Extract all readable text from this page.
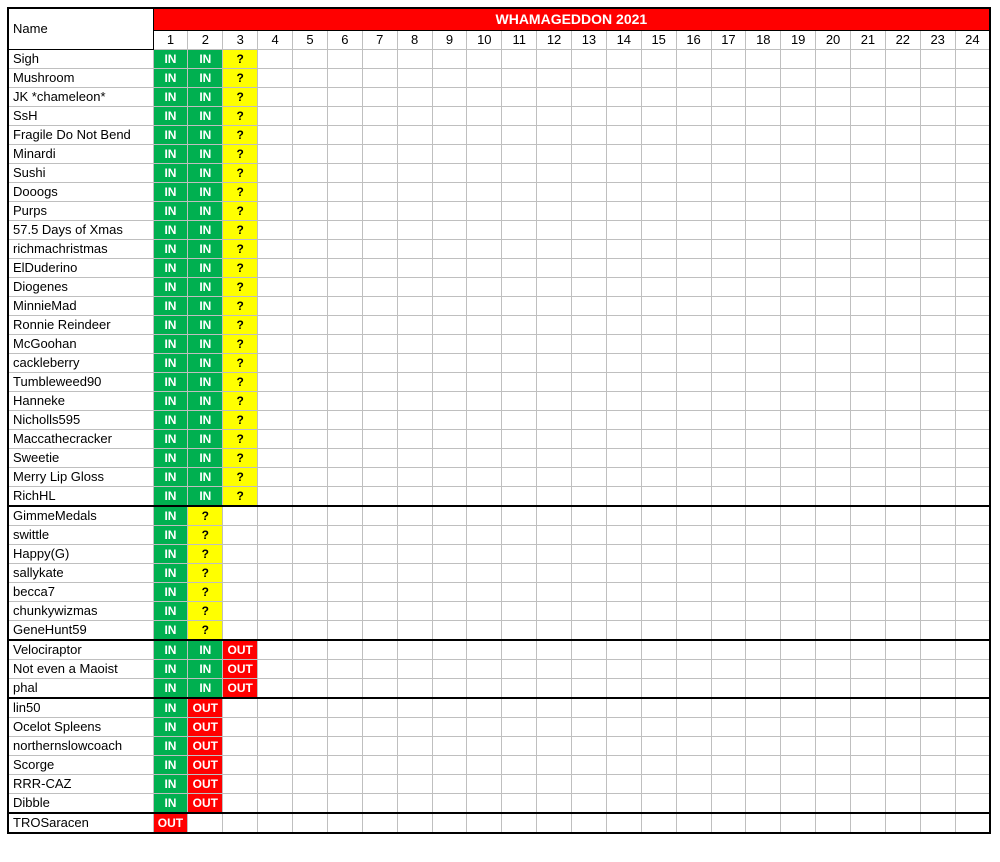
Name	WHAMAGEDDON 2021																							
	1	2	3	4	5	6	7	8	9	10	11	12	13	14	15	16	17	18	19	20	21	22	23	24
Sigh	IN	IN	?																					
Mushroom	IN	IN	?																					
JK *chameleon*	IN	IN	?																					
SsH	IN	IN	?																					
Fragile Do Not Bend	IN	IN	?																					
Minardi	IN	IN	?																					
Sushi	IN	IN	?																					
Dooogs	IN	IN	?																					
Purps	IN	IN	?																					
57.5 Days of Xmas	IN	IN	?																					
richmachristmas	IN	IN	?																					
ElDuderino	IN	IN	?																					
Diogenes	IN	IN	?																					
MinnieMad	IN	IN	?																					
Ronnie Reindeer	IN	IN	?																					
McGoohan	IN	IN	?																					
cackleberry	IN	IN	?																					
Tumbleweed90	IN	IN	?																					
Hanneke	IN	IN	?																					
Nicholls595	IN	IN	?																					
Maccathecracker	IN	IN	?																					
Sweetie	IN	IN	?																					
Merry Lip Gloss	IN	IN	?																					
RichHL	IN	IN	?																					
GimmeMedals	IN	?																						
swittle	IN	?																						
Happy(G)	IN	?																						
sallykate	IN	?																						
becca7	IN	?																						
chunkywizmas	IN	?																						
GeneHunt59	IN	?																						
Velociraptor	IN	IN	OUT																					
Not even a Maoist	IN	IN	OUT																					
phal	IN	IN	OUT																					
lin50	IN	OUT																						
Ocelot Spleens	IN	OUT																						
northernslowcoach	IN	OUT																						
Scorge	IN	OUT																						
RRR-CAZ	IN	OUT																						
Dibble	IN	OUT																						
TROSaracen	OUT																							
